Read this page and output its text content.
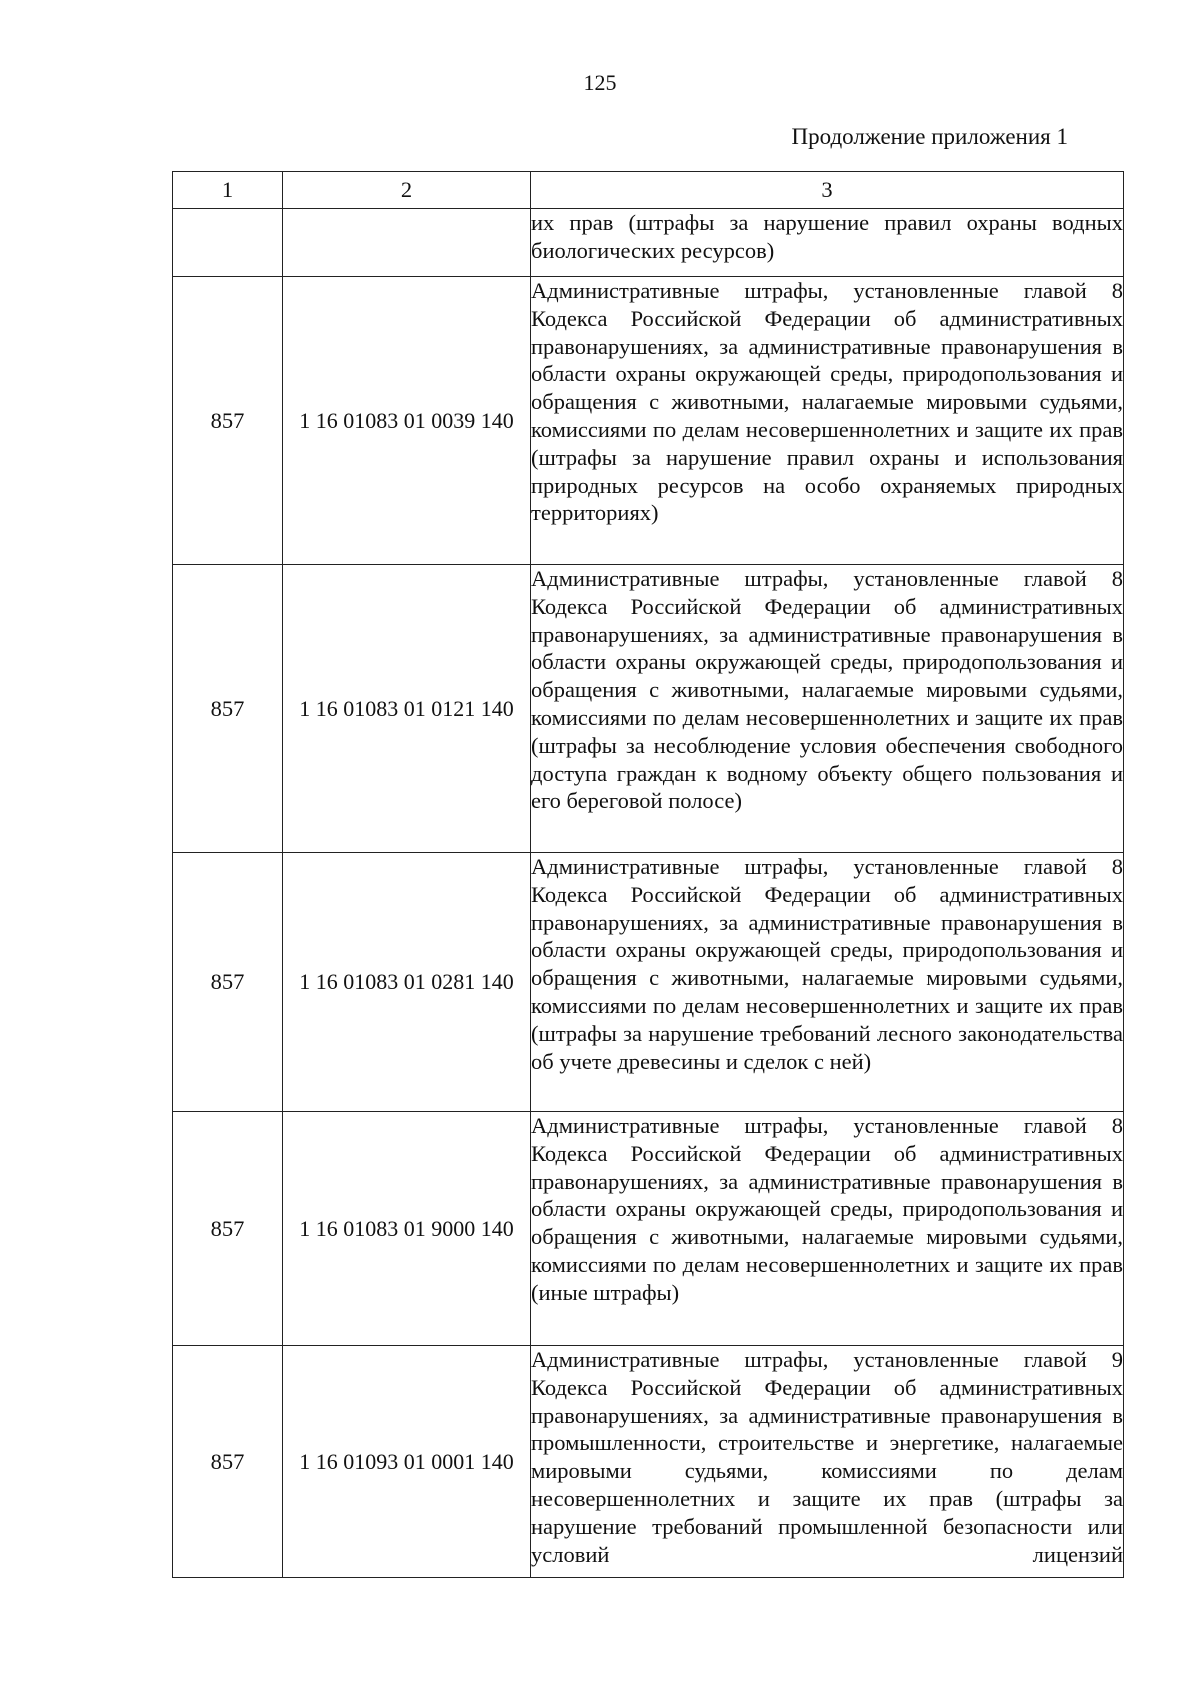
125
Продолжение приложения 1
1	2	3
		их прав (штрафы за нарушение правил охраны водных биологических ресурсов)
857	1 16 01083 01 0039 140	Административные штрафы, установленные главой 8 Кодекса Российской Федерации об административных правонарушениях, за административные правонарушения в области охраны окружающей среды, природопользования и обращения с животными, налагаемые мировыми судьями, комиссиями по делам несовершеннолетних и защите их прав (штрафы за нарушение правил охраны и использования природных ресурсов на особо охраняемых природных территориях)
857	1 16 01083 01 0121 140	Административные штрафы, установленные главой 8 Кодекса Российской Федерации об административных правонарушениях, за административные правонарушения в области охраны окружающей среды, природопользования и обращения с животными, налагаемые мировыми судьями, комиссиями по делам несовершеннолетних и защите их прав (штрафы за несоблюдение условия обеспечения свободного доступа граждан к водному объекту общего пользования и его береговой полосе)
857	1 16 01083 01 0281 140	Административные штрафы, установленные главой 8 Кодекса Российской Федерации об административных правонарушениях, за административные правонарушения в области охраны окружающей среды, природопользования и обращения с животными, налагаемые мировыми судьями, комиссиями по делам несовершеннолетних и защите их прав (штрафы за нарушение требований лесного законодательства об учете древесины и сделок с ней)
857	1 16 01083 01 9000 140	Административные штрафы, установленные главой 8 Кодекса Российской Федерации об административных правонарушениях, за административные правонарушения в области охраны окружающей среды, природопользования и обращения с животными, налагаемые мировыми судьями, комиссиями по делам несовершеннолетних и защите их прав (иные штрафы)
857	1 16 01093 01 0001 140	Административные штрафы, установленные главой 9 Кодекса Российской Федерации об административных правонарушениях, за административные правонарушения в промышленности, строительстве и энергетике, налагаемые мировыми судьями, комиссиями по делам несовершеннолетних и защите их прав (штрафы за нарушение требований промышленной безопасности или условий лицензий
